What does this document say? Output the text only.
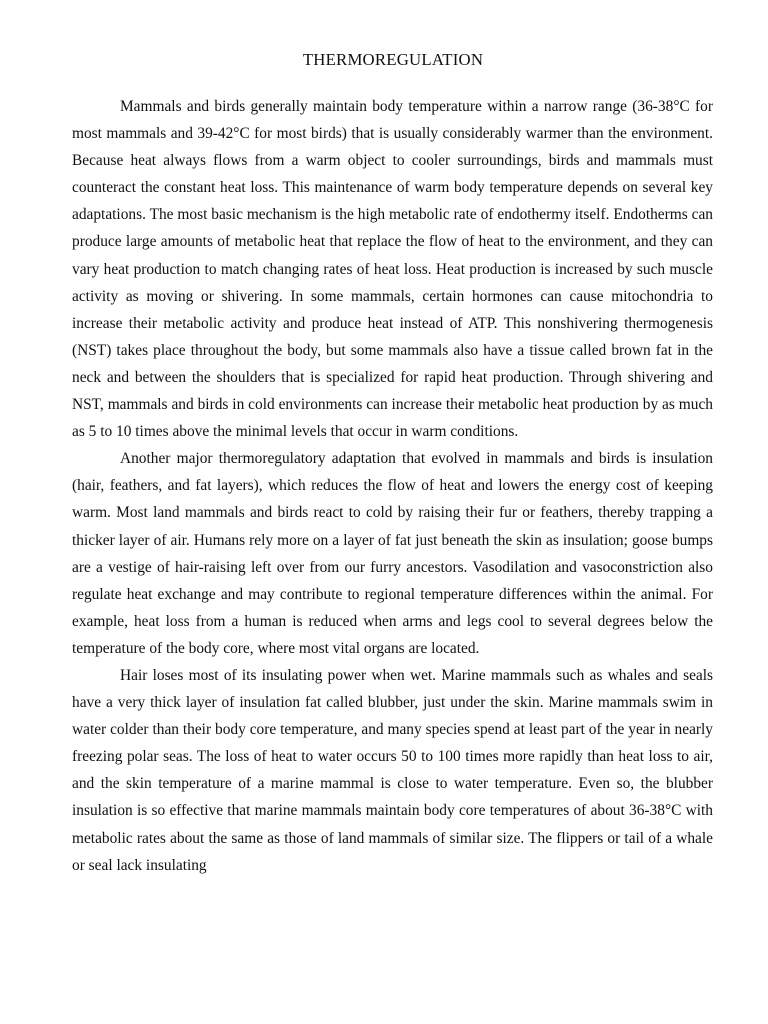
THERMOREGULATION

Mammals and birds generally maintain body temperature within a narrow range (36-38°C for most mammals and 39-42°C for most birds) that is usually considerably warmer than the environment. Because heat always flows from a warm object to cooler surroundings, birds and mammals must counteract the constant heat loss. This maintenance of warm body temperature depends on several key adaptations. The most basic mechanism is the high metabolic rate of endothermy itself. Endotherms can produce large amounts of metabolic heat that replace the flow of heat to the environment, and they can vary heat production to match changing rates of heat loss. Heat production is increased by such muscle activity as moving or shivering. In some mammals, certain hormones can cause mitochondria to increase their metabolic activity and produce heat instead of ATP. This nonshivering thermogenesis (NST) takes place throughout the body, but some mammals also have a tissue called brown fat in the neck and between the shoulders that is specialized for rapid heat production. Through shivering and NST, mammals and birds in cold environments can increase their metabolic heat production by as much as 5 to 10 times above the minimal levels that occur in warm conditions.

Another major thermoregulatory adaptation that evolved in mammals and birds is insulation (hair, feathers, and fat layers), which reduces the flow of heat and lowers the energy cost of keeping warm. Most land mammals and birds react to cold by raising their fur or feathers, thereby trapping a thicker layer of air. Humans rely more on a layer of fat just beneath the skin as insulation; goose bumps are a vestige of hair-raising left over from our furry ancestors. Vasodilation and vasoconstriction also regulate heat exchange and may contribute to regional temperature differences within the animal. For example, heat loss from a human is reduced when arms and legs cool to several degrees below the temperature of the body core, where most vital organs are located.

Hair loses most of its insulating power when wet. Marine mammals such as whales and seals have a very thick layer of insulation fat called blubber, just under the skin. Marine mammals swim in water colder than their body core temperature, and many species spend at least part of the year in nearly freezing polar seas. The loss of heat to water occurs 50 to 100 times more rapidly than heat loss to air, and the skin temperature of a marine mammal is close to water temperature. Even so, the blubber insulation is so effective that marine mammals maintain body core temperatures of about 36-38°C with metabolic rates about the same as those of land mammals of similar size. The flippers or tail of a whale or seal lack insulating
